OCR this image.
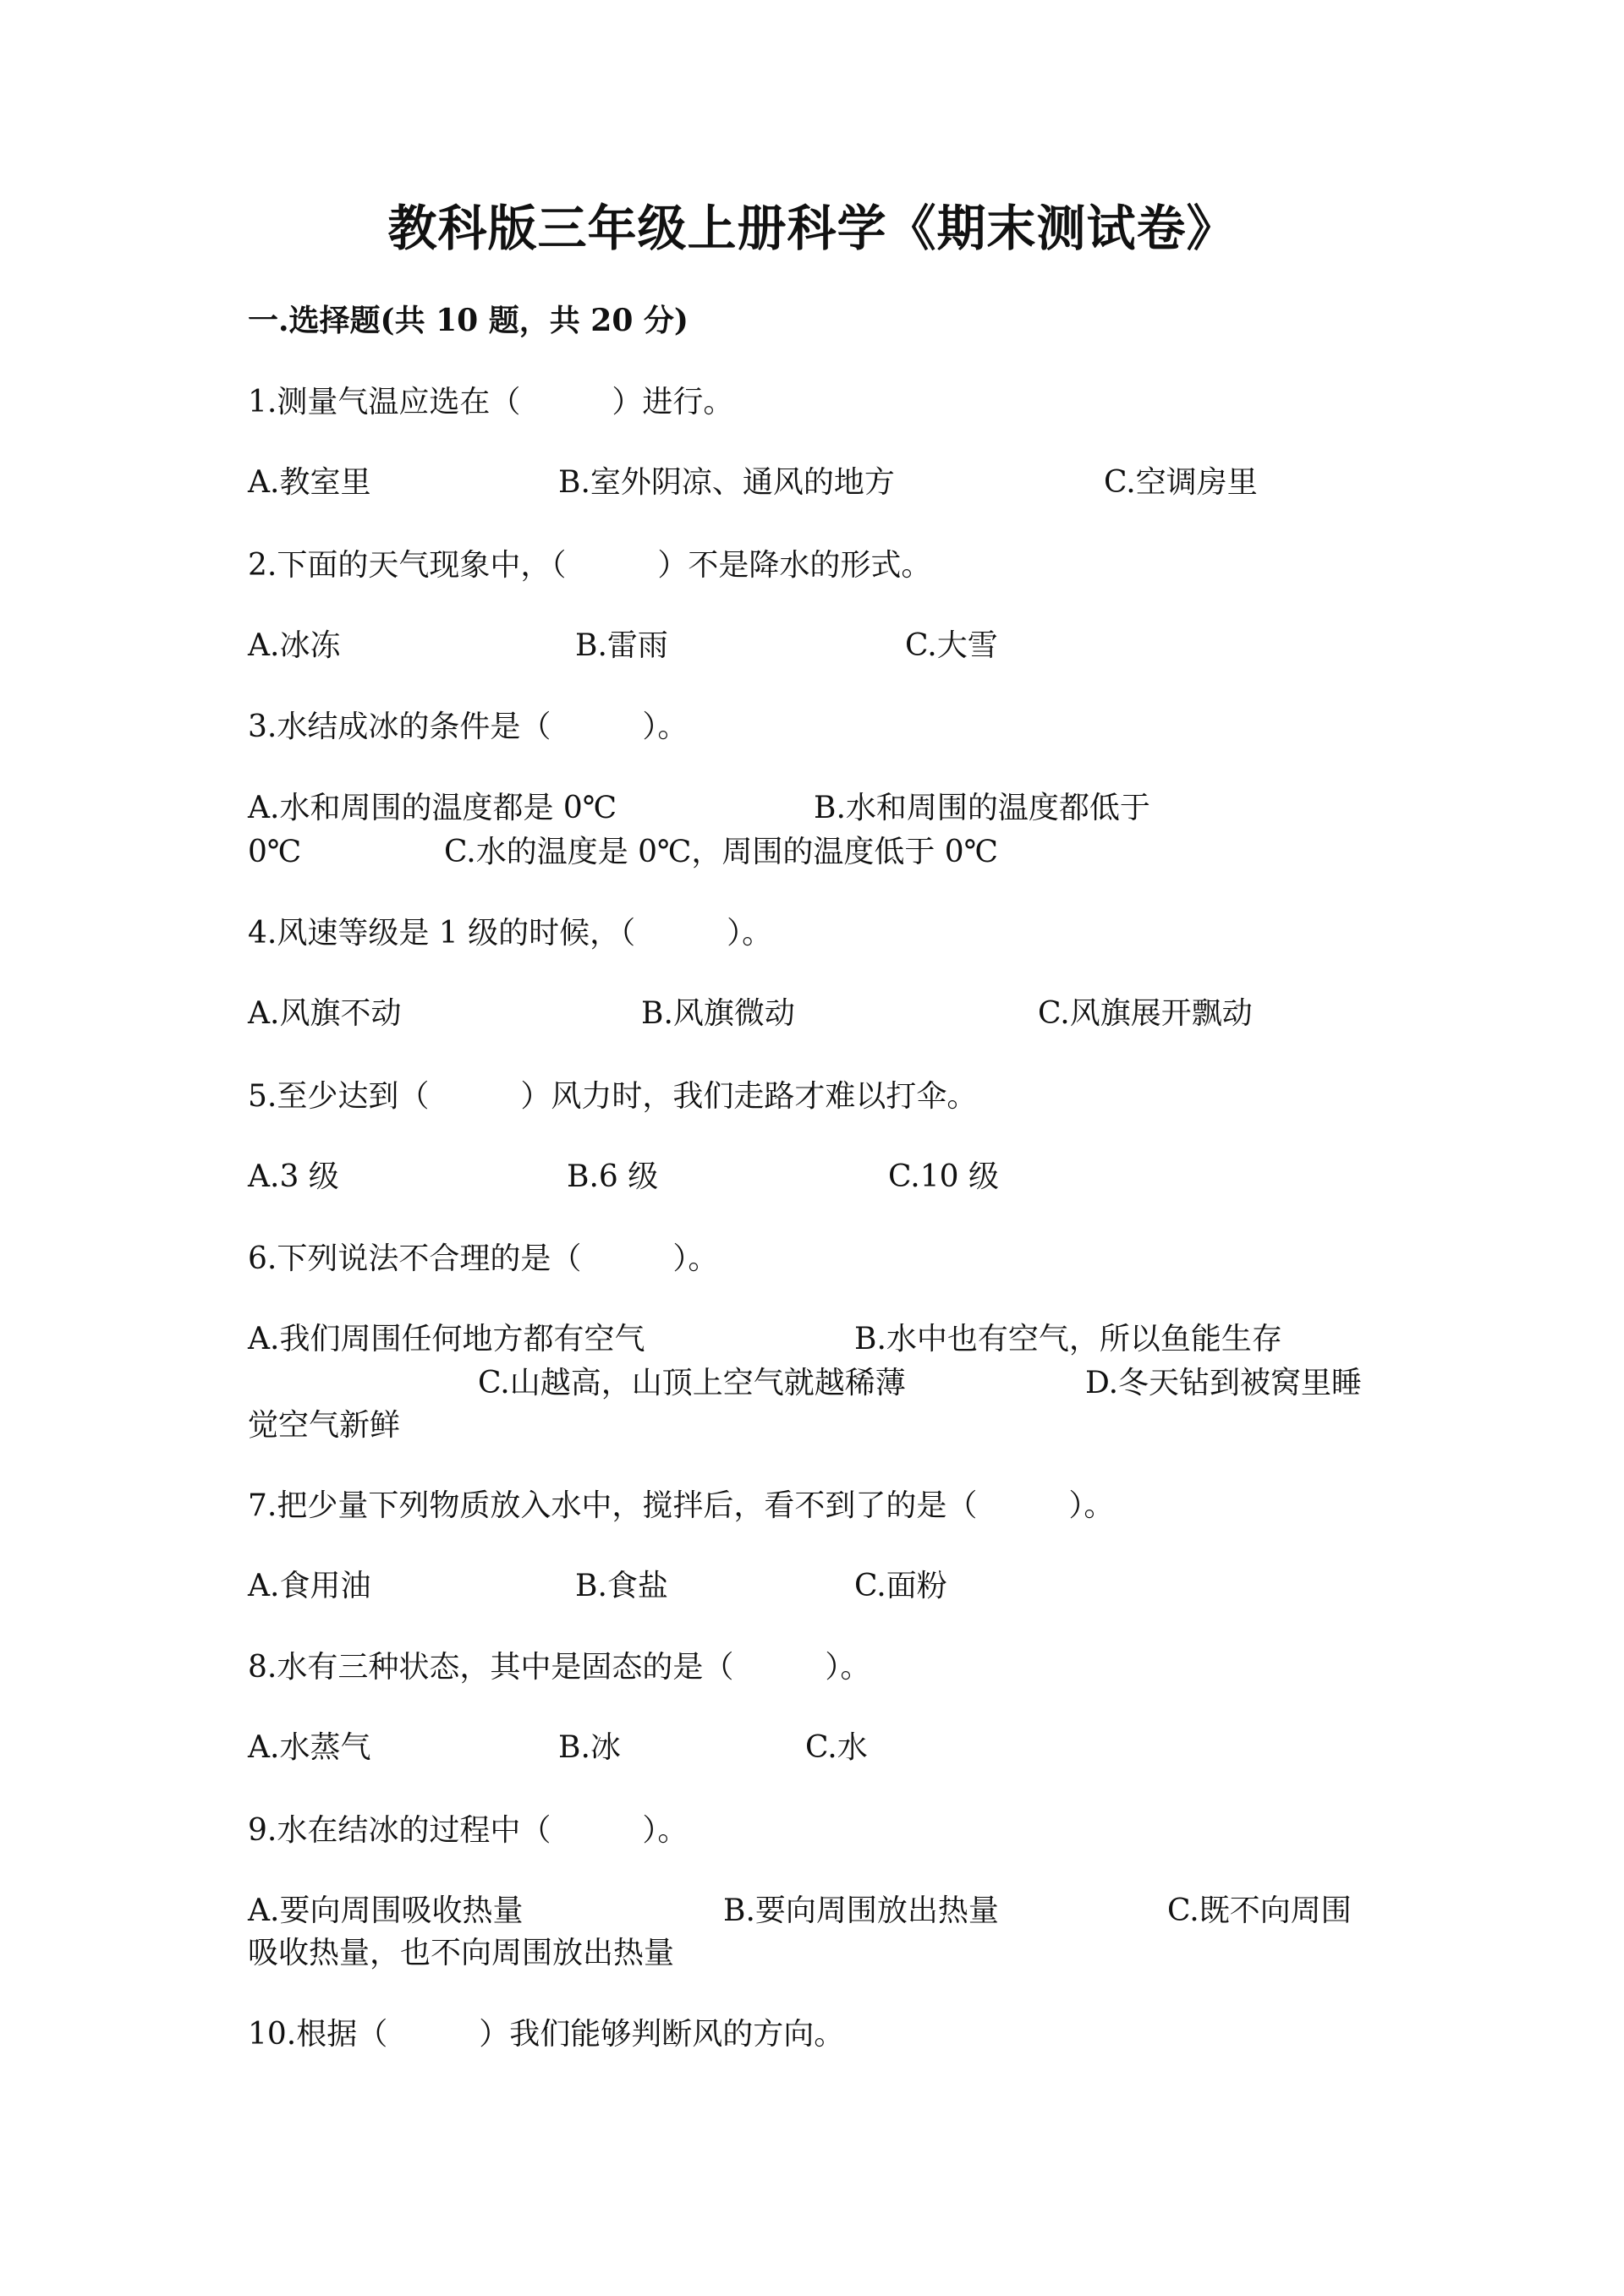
教科版三年级上册科学《期末测试卷》
一.选择题(共 10 题，共 20 分)
1.测量气温应选在（　　　）进行。
A.教室里	B.室外阴凉、通风的地方	C.空调房里
2.下面的天气现象中，（　　　）不是降水的形式。
A.冰冻	B.雷雨	C.大雪
3.水结成冰的条件是（　　　）。
A.水和周围的温度都是 0℃	B.水和周围的温度都低于
0℃	C.水的温度是 0℃，周围的温度低于 0℃
4.风速等级是 1 级的时候，（　　　）。
A.风旗不动	B.风旗微动	C.风旗展开飘动
5.至少达到（　　　）风力时，我们走路才难以打伞。
A.3 级	B.6 级	C.10 级
6.下列说法不合理的是（　　　）。
A.我们周围任何地方都有空气	B.水中也有空气，所以鱼能生存
C.山越高，山顶上空气就越稀薄	D.冬天钻到被窝里睡
觉空气新鲜
7.把少量下列物质放入水中，搅拌后，看不到了的是（　　　）。
A.食用油	B.食盐	C.面粉
8.水有三种状态，其中是固态的是（　　　）。
A.水蒸气	B.冰	C.水
9.水在结冰的过程中（　　　）。
A.要向周围吸收热量	B.要向周围放出热量	C.既不向周围
吸收热量，也不向周围放出热量
10.根据（　　　）我们能够判断风的方向。
